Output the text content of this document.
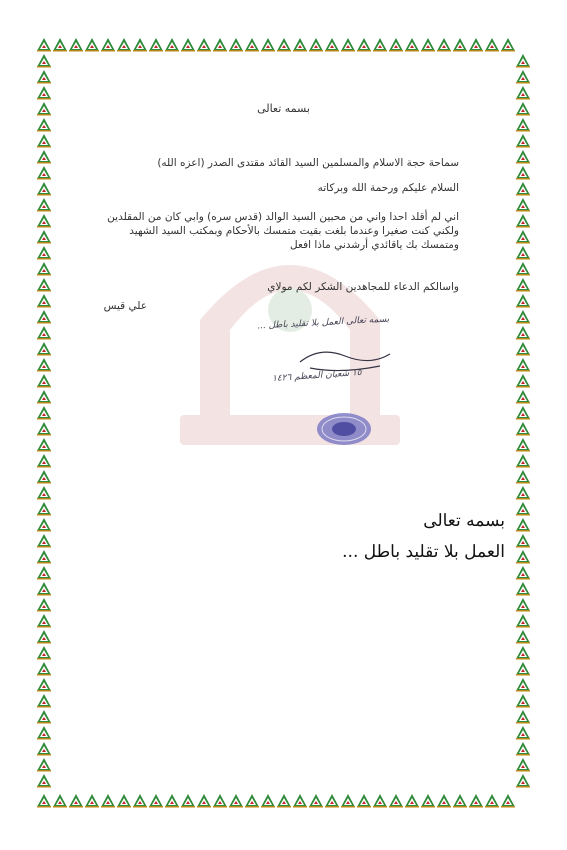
بسمه تعالى
سماحة حجة الاسلام والمسلمين السيد القائد مقتدى الصدر (اعزه الله)
السلام عليكم ورحمة الله وبركاته
اني لم أقلد احدا واني من محبين السيد الوالد (قدس سره) وابي كان من المقلدين
ولكني كنت صغيرا وعندما بلغت بقيت متمسك بالأحكام وبمكتب السيد الشهيد
ومتمسك بك ياقائدي أرشدني ماذا افعل
واسالكم الدعاء للمجاهدين الشكر لكم مولاي
علي قيس
بسمه تعالى العمل بلا تقليد باطل ...
١٥ شعبان المعظم ١٤٢٦
بسمه تعالى
العمل بلا تقليد باطل ...
